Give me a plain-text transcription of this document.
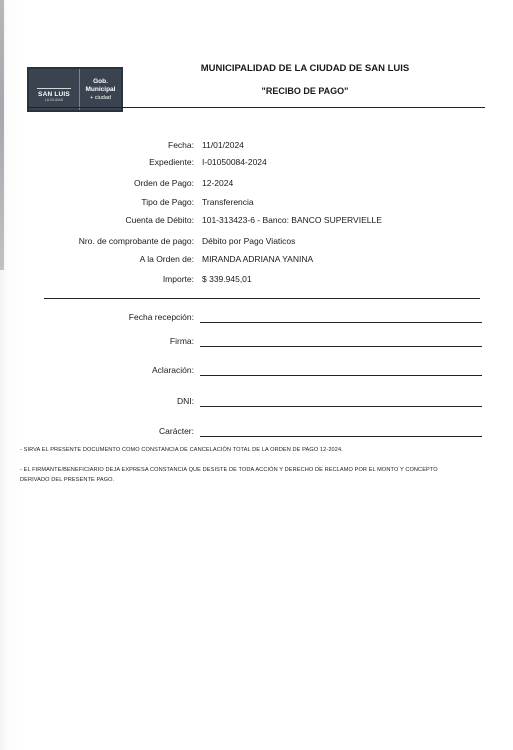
SAN LUIS
LA CIUDAD
Gob.
Municipal
+ ciudad
MUNICIPALIDAD DE LA CIUDAD DE SAN LUIS
"RECIBO DE PAGO"
Fecha: 11/01/2024
Expediente: I-01050084-2024
Orden de Pago: 12-2024
Tipo de Pago: Transferencia
Cuenta de Débito: 101-313423-6 - Banco: BANCO SUPERVIELLE
Nro. de comprobante de pago: Débito por Pago Viaticos
A la Orden de: MIRANDA ADRIANA YANINA
Importe: $ 339.945,01
Fecha recepción:
Firma:
Aclaración:
DNI:
Carácter:
- SIRVA EL PRESENTE DOCUMENTO COMO CONSTANCIA DE CANCELACIÓN TOTAL DE LA ORDEN DE PAGO 12-2024.
- EL FIRMANTE/BENEFICIARIO DEJA EXPRESA CONSTANCIA QUE DESISTE DE TODA ACCIÓN Y DERECHO DE RECLAMO POR EL MONTO Y CONCEPTO DERIVADO DEL PRESENTE PAGO.
